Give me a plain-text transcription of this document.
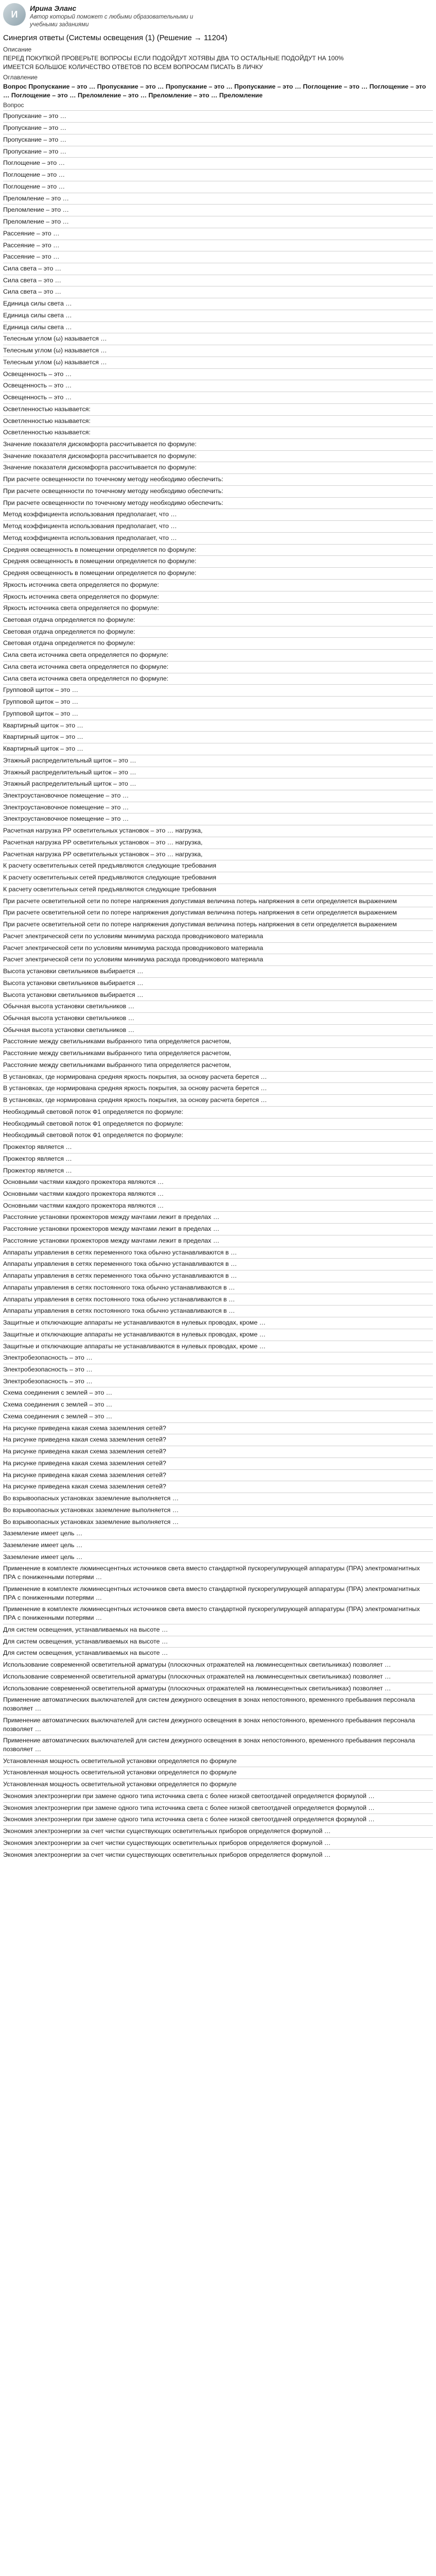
И
Ирина Эланс
Автор который поможет с любыми образовательными и учебными заданиями
Синергия ответы (Системы освещения (1) (Решение → 11204)
Описание
ПЕРЕД ПОКУПКОЙ ПРОВЕРЬТЕ ВОПРОСЫ ЕСЛИ ПОДОЙДУТ ХОТЯВЫ ДВА ТО ОСТАЛЬНЫЕ ПОДОЙДУТ НА 100%
ИМЕЕТСЯ БОЛЬШОЕ КОЛИЧЕСТВО ОТВЕТОВ ПО ВСЕМ ВОПРОСАМ ПИСАТЬ В ЛИЧКУ
Оглавление
Вопрос Пропускание – это … Пропускание – это … Пропускание – это … Пропускание – это … Поглощение – это … Поглощение – это … Поглощение – это … Преломление – это … Преломление – это … Преломление
Вопрос
Пропускание – это …
Пропускание – это …
Пропускание – это …
Пропускание – это …
Поглощение – это …
Поглощение – это …
Поглощение – это …
Преломление – это …
Преломление – это …
Преломление – это …
Рассеяние – это …
Рассеяние – это …
Рассеяние – это …
Сила света – это …
Сила света – это …
Сила света – это …
Единица силы света …
Единица силы света …
Единица силы света …
Телесным углом (ω) называется …
Телесным углом (ω) называется …
Телесным углом (ω) называется …
Освещенность – это …
Освещенность – это …
Освещенность – это …
Осветленностью называется:
Осветленностью называется:
Осветленностью называется:
Значение показателя дискомфорта рассчитывается по формуле:
Значение показателя дискомфорта рассчитывается по формуле:
Значение показателя дискомфорта рассчитывается по формуле:
При расчете освещенности по точечному методу необходимо обеспечить:
При расчете освещенности по точечному методу необходимо обеспечить:
При расчете освещенности по точечному методу необходимо обеспечить:
Метод коэффициента использования предполагает, что …
Метод коэффициента использования предполагает, что …
Метод коэффициента использования предполагает, что …
Средняя освещенность в помещении определяется по формуле:
Средняя освещенность в помещении определяется по формуле:
Средняя освещенность в помещении определяется по формуле:
Яркость источника света определяется по формуле:
Яркость источника света определяется по формуле:
Яркость источника света определяется по формуле:
Световая отдача определяется по формуле:
Световая отдача определяется по формуле:
Световая отдача определяется по формуле:
Сила света источника света определяется по формуле:
Сила света источника света определяется по формуле:
Сила света источника света определяется по формуле:
Групповой щиток – это …
Групповой щиток – это …
Групповой щиток – это …
Квартирный щиток – это …
Квартирный щиток – это …
Квартирный щиток – это …
Этажный распределительный щиток – это …
Этажный распределительный щиток – это …
Этажный распределительный щиток – это …
Электроустановочное помещение – это …
Электроустановочное помещение – это …
Электроустановочное помещение – это …
Расчетная нагрузка РР осветительных установок – это … нагрузка,
Расчетная нагрузка РР осветительных установок – это … нагрузка,
Расчетная нагрузка РР осветительных установок – это … нагрузка,
К расчету осветительных сетей предъявляются следующие требования
К расчету осветительных сетей предъявляются следующие требования
К расчету осветительных сетей предъявляются следующие требования
При расчете осветительной сети по потере напряжения допустимая величина потерь напряжения в сети определяется выражением
При расчете осветительной сети по потере напряжения допустимая величина потерь напряжения в сети определяется выражением
При расчете осветительной сети по потере напряжения допустимая величина потерь напряжения в сети определяется выражением
Расчет электрической сети по условиям минимума расхода проводникового материала
Расчет электрической сети по условиям минимума расхода проводникового материала
Расчет электрической сети по условиям минимума расхода проводникового материала
Высота установки светильников выбирается …
Высота установки светильников выбирается …
Высота установки светильников выбирается …
Обычная высота установки светильников …
Обычная высота установки светильников …
Обычная высота установки светильников …
Расстояние между светильниками выбранного типа определяется расчетом,
Расстояние между светильниками выбранного типа определяется расчетом,
Расстояние между светильниками выбранного типа определяется расчетом,
В установках, где нормирована средняя яркость покрытия, за основу расчета берется …
В установках, где нормирована средняя яркость покрытия, за основу расчета берется …
В установках, где нормирована средняя яркость покрытия, за основу расчета берется …
Необходимый световой поток Ф1 определяется по формуле:
Необходимый световой поток Ф1 определяется по формуле:
Необходимый световой поток Ф1 определяется по формуле:
Прожектор является …
Прожектор является …
Прожектор является …
Основными частями каждого прожектора являются …
Основными частями каждого прожектора являются …
Основными частями каждого прожектора являются …
Расстояние установки прожекторов между мачтами лежит в пределах …
Расстояние установки прожекторов между мачтами лежит в пределах …
Расстояние установки прожекторов между мачтами лежит в пределах …
Аппараты управления в сетях переменного тока обычно устанавливаются в …
Аппараты управления в сетях переменного тока обычно устанавливаются в …
Аппараты управления в сетях переменного тока обычно устанавливаются в …
Аппараты управления в сетях постоянного тока обычно устанавливаются в …
Аппараты управления в сетях постоянного тока обычно устанавливаются в …
Аппараты управления в сетях постоянного тока обычно устанавливаются в …
Защитные и отключающие аппараты не устанавливаются в нулевых проводах, кроме …
Защитные и отключающие аппараты не устанавливаются в нулевых проводах, кроме …
Защитные и отключающие аппараты не устанавливаются в нулевых проводах, кроме …
Электробезопасность – это …
Электробезопасность – это …
Электробезопасность – это …
Схема соединения с землей – это …
Схема соединения с землей – это …
Схема соединения с землей – это …
На рисунке приведена какая схема заземления сетей?
На рисунке приведена какая схема заземления сетей?
На рисунке приведена какая схема заземления сетей?
На рисунке приведена какая схема заземления сетей?
На рисунке приведена какая схема заземления сетей?
На рисунке приведена какая схема заземления сетей?
Во взрывоопасных установках заземление выполняется …
Во взрывоопасных установках заземление выполняется …
Во взрывоопасных установках заземление выполняется …
Заземление имеет цель …
Заземление имеет цель …
Заземление имеет цель …
Применение в комплекте люминесцентных источников света вместо стандартной пускорегулирующей аппаратуры (ПРА) электромагнитных ПРА с пониженными потерями …
Применение в комплекте люминесцентных источников света вместо стандартной пускорегулирующей аппаратуры (ПРА) электромагнитных ПРА с пониженными потерями …
Применение в комплекте люминесцентных источников света вместо стандартной пускорегулирующей аппаратуры (ПРА) электромагнитных ПРА с пониженными потерями …
Для систем освещения, устанавливаемых на высоте …
Для систем освещения, устанавливаемых на высоте …
Для систем освещения, устанавливаемых на высоте …
Использование современной осветительной арматуры (плоскочных отражателей на люминесцентных светильниках) позволяет …
Использование современной осветительной арматуры (плоскочных отражателей на люминесцентных светильниках) позволяет …
Использование современной осветительной арматуры (плоскочных отражателей на люминесцентных светильниках) позволяет …
Применение автоматических выключателей для систем дежурного освещения в зонах непостоянного, временного пребывания персонала позволяет …
Применение автоматических выключателей для систем дежурного освещения в зонах непостоянного, временного пребывания персонала позволяет …
Применение автоматических выключателей для систем дежурного освещения в зонах непостоянного, временного пребывания персонала позволяет …
Установленная мощность осветительной установки определяется по формуле
Установленная мощность осветительной установки определяется по формуле
Установленная мощность осветительной установки определяется по формуле
Экономия электроэнергии при замене одного типа источника света с более низкой светоотдачей определяется формулой …
Экономия электроэнергии при замене одного типа источника света с более низкой светоотдачей определяется формулой …
Экономия электроэнергии при замене одного типа источника света с более низкой светоотдачей определяется формулой …
Экономия электроэнергии за счет чистки существующих осветительных приборов определяется формулой …
Экономия электроэнергии за счет чистки существующих осветительных приборов определяется формулой …
Экономия электроэнергии за счет чистки существующих осветительных приборов определяется формулой …
